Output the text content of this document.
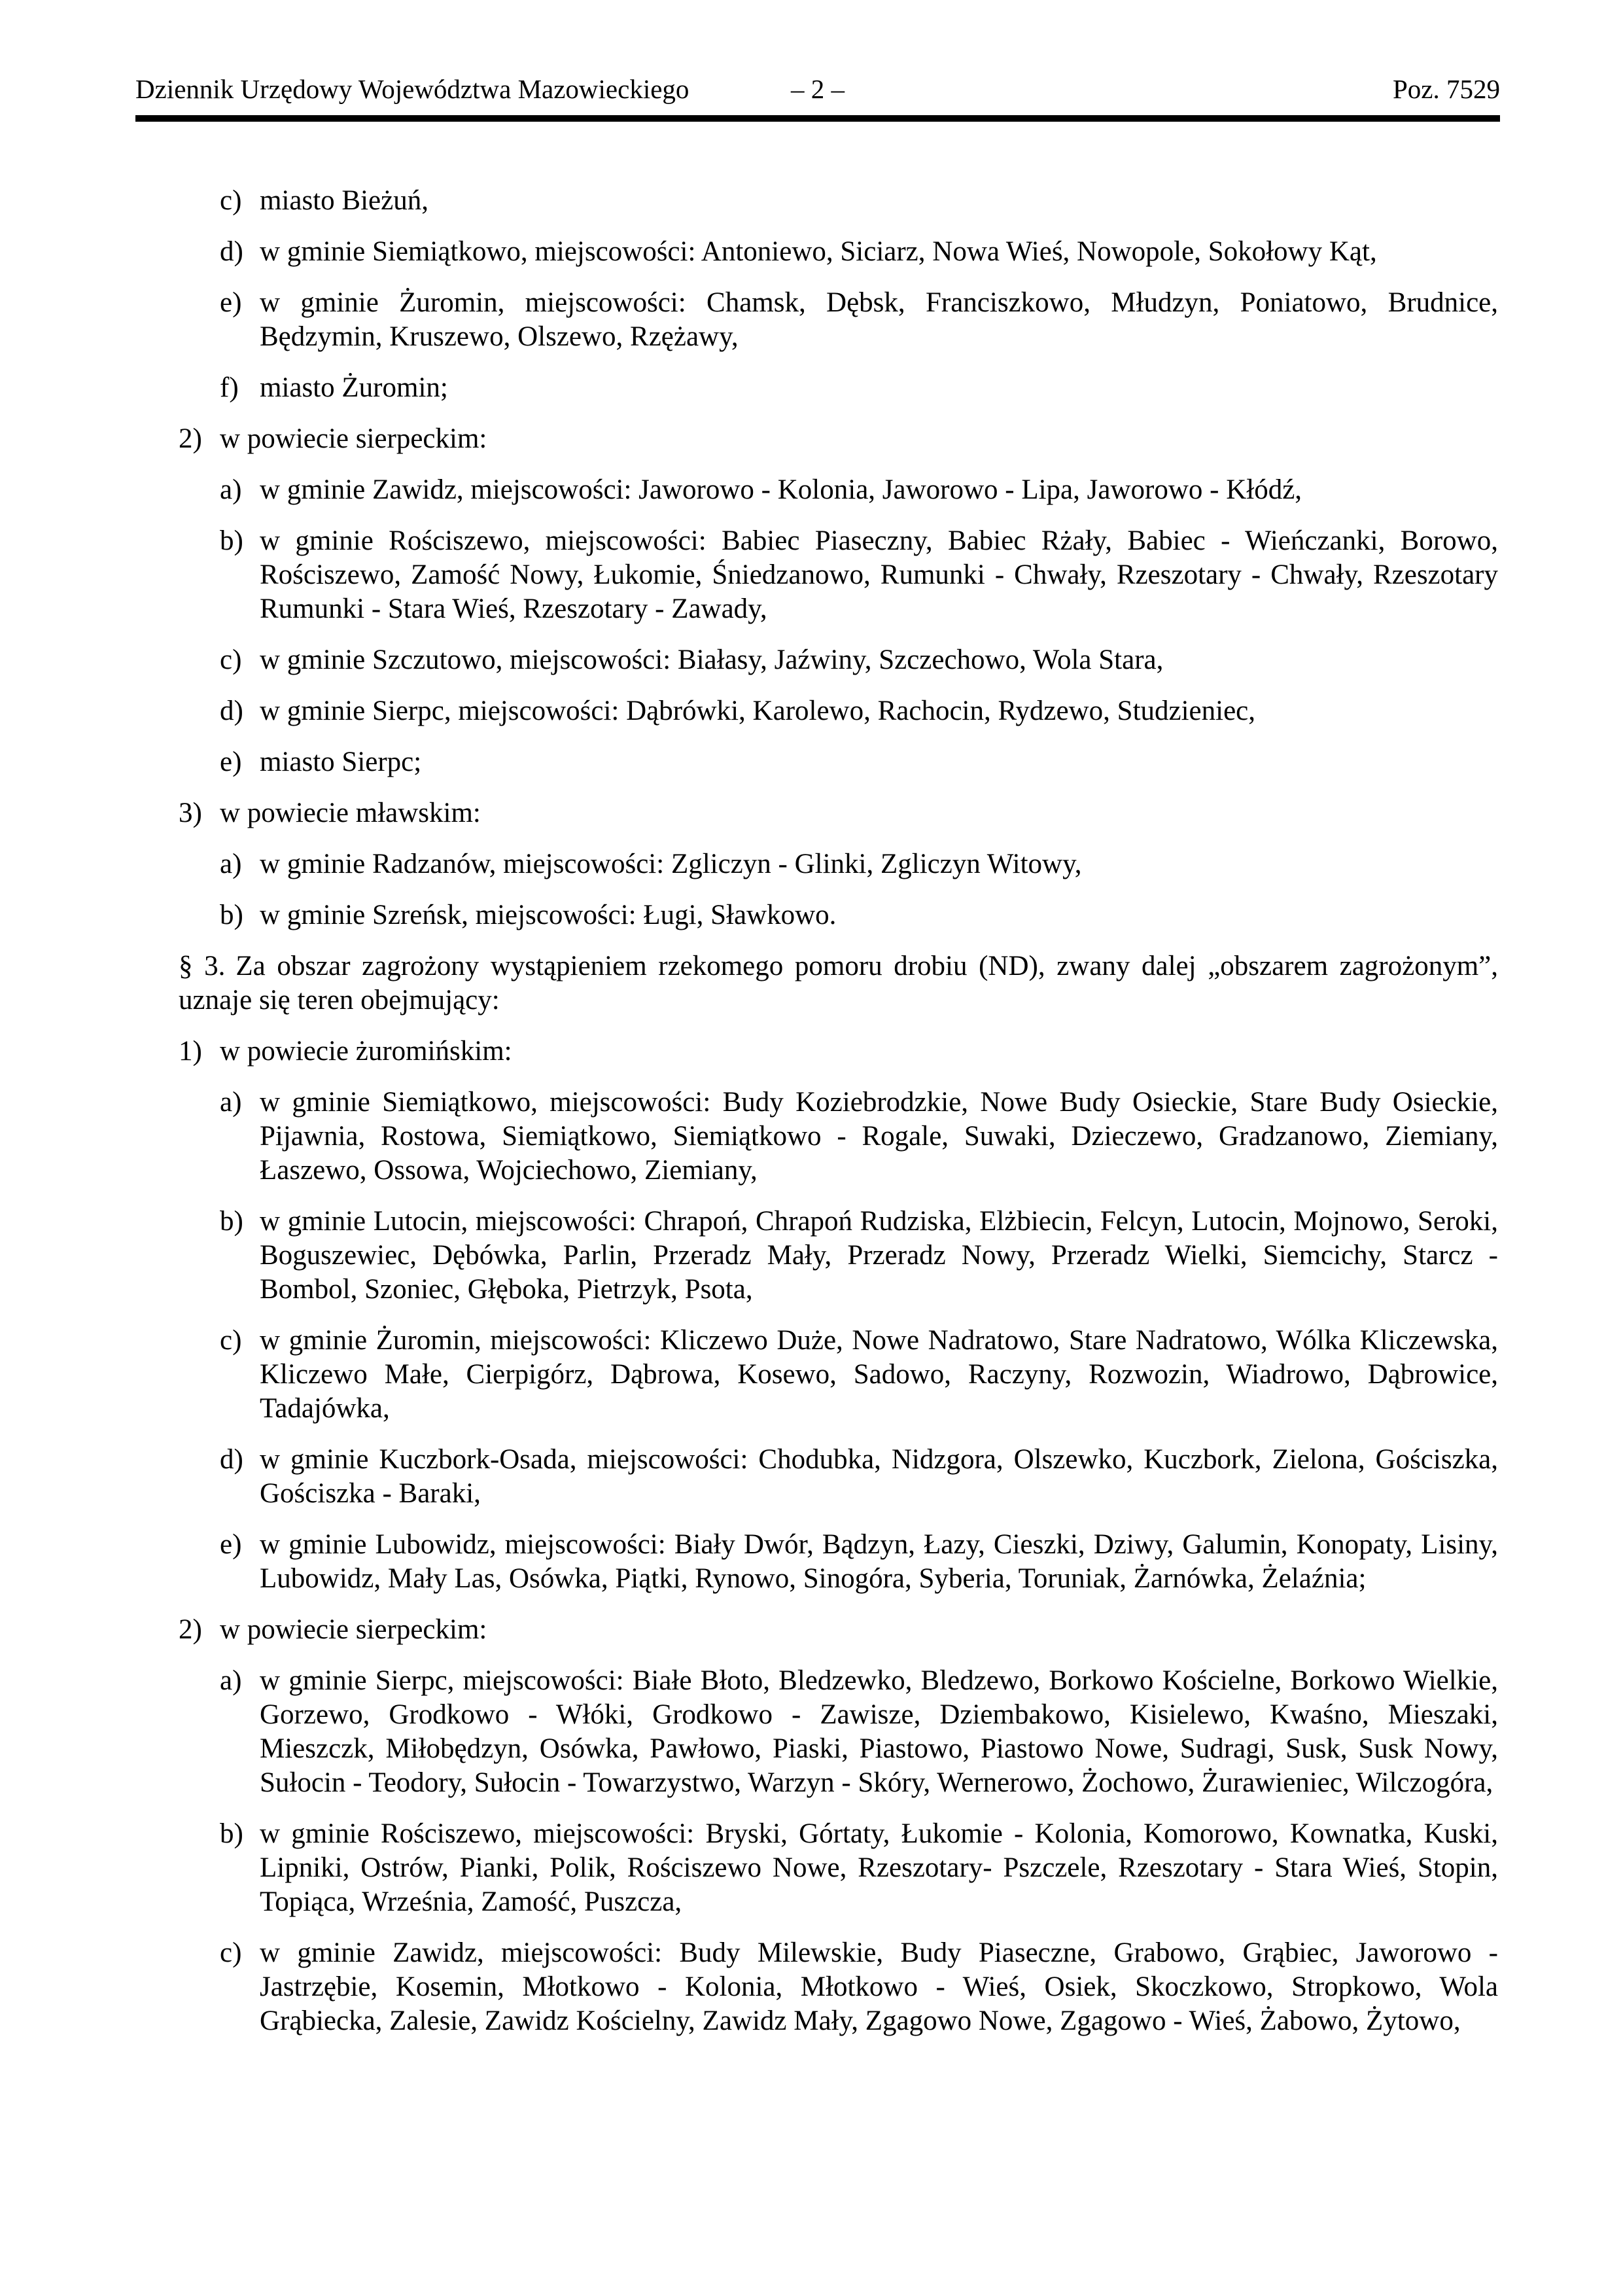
Dziennik Urzędowy Województwa Mazowieckiego	– 2 –	Poz. 7529
c) miasto Bieżuń,
d) w gminie Siemiątkowo, miejscowości: Antoniewo, Siciarz, Nowa Wieś, Nowopole, Sokołowy Kąt,
e) w gminie Żuromin, miejscowości: Chamsk, Dębsk, Franciszkowo, Młudzyn, Poniatowo, Brudnice, Będzymin, Kruszewo, Olszewo, Rzężawy,
f) miasto Żuromin;
2) w powiecie sierpeckim:
a) w gminie Zawidz, miejscowości: Jaworowo - Kolonia, Jaworowo - Lipa, Jaworowo - Kłódź,
b) w gminie Rościszewo, miejscowości: Babiec Piaseczny, Babiec Rżały, Babiec - Wieńczanki, Borowo, Rościszewo, Zamość Nowy, Łukomie, Śniedzanowo, Rumunki - Chwały, Rzeszotary - Chwały, Rzeszotary Rumunki - Stara Wieś, Rzeszotary - Zawady,
c) w gminie Szczutowo, miejscowości: Białasy, Jaźwiny, Szczechowo, Wola Stara,
d) w gminie Sierpc, miejscowości: Dąbrówki, Karolewo, Rachocin, Rydzewo, Studzieniec,
e) miasto Sierpc;
3) w powiecie mławskim:
a) w gminie Radzanów, miejscowości: Zgliczyn - Glinki, Zgliczyn Witowy,
b) w gminie Szreńsk, miejscowości: Ługi, Sławkowo.
§ 3. Za obszar zagrożony wystąpieniem rzekomego pomoru drobiu (ND), zwany dalej „obszarem zagrożonym”, uznaje się teren obejmujący:
1) w powiecie żuromińskim:
a) w gminie Siemiątkowo, miejscowości: Budy Koziebrodzkie, Nowe Budy Osieckie, Stare Budy Osieckie, Pijawnia, Rostowa, Siemiątkowo, Siemiątkowo - Rogale, Suwaki, Dzieczewo, Gradzanowo, Ziemiany, Łaszewo, Ossowa, Wojciechowo, Ziemiany,
b) w gminie Lutocin, miejscowości: Chrapoń, Chrapoń Rudziska, Elżbiecin, Felcyn, Lutocin, Mojnowo, Seroki, Boguszewiec, Dębówka, Parlin, Przeradz Mały, Przeradz Nowy, Przeradz Wielki, Siemcichy, Starcz - Bombol, Szoniec, Głęboka, Pietrzyk, Psota,
c) w gminie Żuromin, miejscowości: Kliczewo Duże, Nowe Nadratowo, Stare Nadratowo, Wólka Kliczewska, Kliczewo Małe, Cierpigórz, Dąbrowa, Kosewo, Sadowo, Raczyny, Rozwozin, Wiadrowo, Dąbrowice, Tadajówka,
d) w gminie Kuczbork-Osada, miejscowości: Chodubka, Nidzgora, Olszewko, Kuczbork, Zielona, Gościszka, Gościszka - Baraki,
e) w gminie Lubowidz, miejscowości: Biały Dwór, Bądzyn, Łazy, Cieszki, Dziwy, Galumin, Konopaty, Lisiny, Lubowidz, Mały Las, Osówka, Piątki, Rynowo, Sinogóra, Syberia, Toruniak, Żarnówka, Żelaźnia;
2) w powiecie sierpeckim:
a) w gminie Sierpc, miejscowości: Białe Błoto, Bledzewko, Bledzewo, Borkowo Kościelne, Borkowo Wielkie, Gorzewo, Grodkowo - Włóki, Grodkowo - Zawisze, Dziembakowo, Kisielewo, Kwaśno, Mieszaki, Mieszczk, Miłobędzyn, Osówka, Pawłowo, Piaski, Piastowo, Piastowo Nowe, Sudragi, Susk, Susk Nowy, Sułocin - Teodory, Sułocin - Towarzystwo, Warzyn - Skóry, Wernerowo, Żochowo, Żurawieniec, Wilczogóra,
b) w gminie Rościszewo, miejscowości: Bryski, Górtaty, Łukomie - Kolonia, Komorowo, Kownatka, Kuski, Lipniki, Ostrów, Pianki, Polik, Rościszewo Nowe, Rzeszotary- Pszczele, Rzeszotary - Stara Wieś, Stopin, Topiąca, Września, Zamość, Puszcza,
c) w gminie Zawidz, miejscowości: Budy Milewskie, Budy Piaseczne, Grabowo, Grąbiec, Jaworowo - Jastrzębie, Kosemin, Młotkowo - Kolonia, Młotkowo - Wieś, Osiek, Skoczkowo, Stropkowo, Wola Grąbiecka, Zalesie, Zawidz Kościelny, Zawidz Mały, Zgagowo Nowe, Zgagowo - Wieś, Żabowo, Żytowo,
